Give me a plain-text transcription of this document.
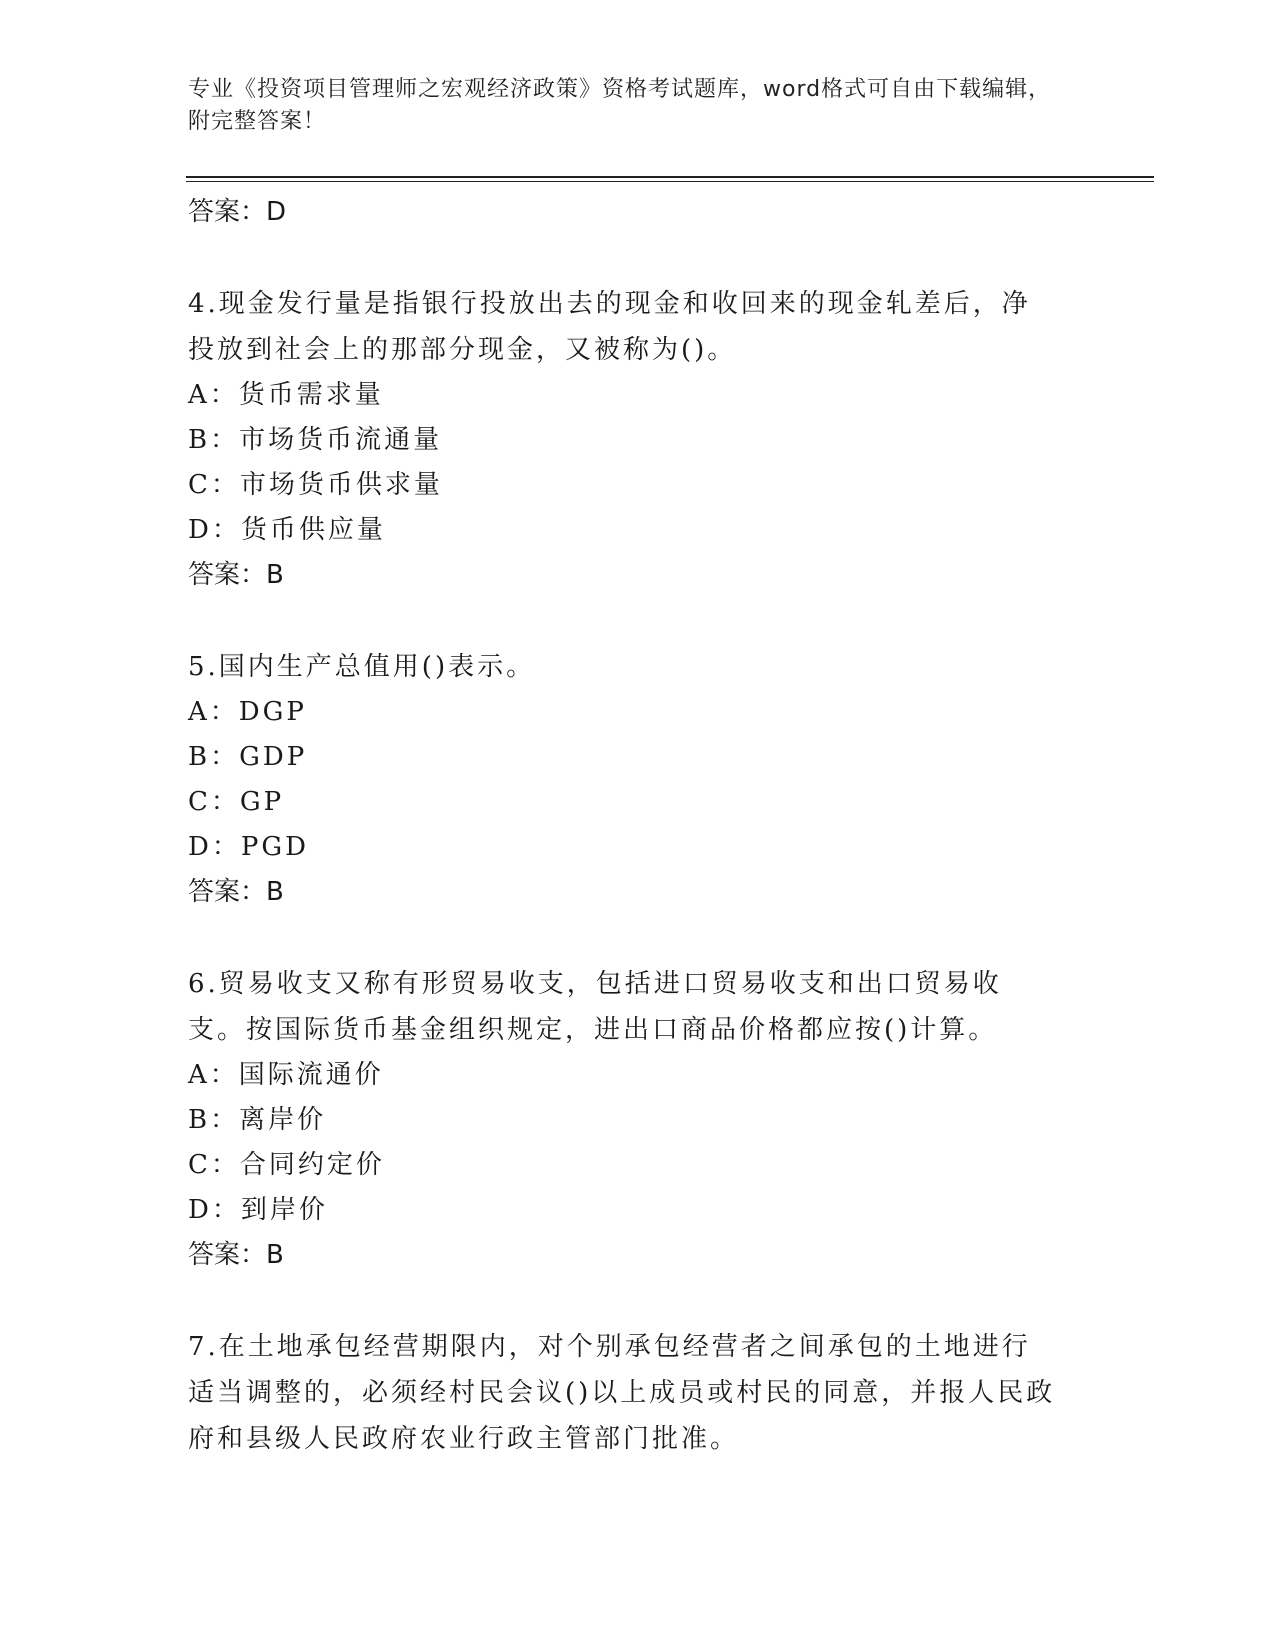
专业《投资项目管理师之宏观经济政策》资格考试题库，word格式可自由下载编辑，附完整答案！
答案：D
4.现金发行量是指银行投放出去的现金和收回来的现金轧差后，净投放到社会上的那部分现金，又被称为()。
A：货币需求量
B：市场货币流通量
C：市场货币供求量
D：货币供应量
答案：B
5.国内生产总值用()表示。
A：DGP
B：GDP
C：GP
D：PGD
答案：B
6.贸易收支又称有形贸易收支，包括进口贸易收支和出口贸易收支。按国际货币基金组织规定，进出口商品价格都应按()计算。
A：国际流通价
B：离岸价
C：合同约定价
D：到岸价
答案：B
7.在土地承包经营期限内，对个别承包经营者之间承包的土地进行适当调整的，必须经村民会议()以上成员或村民的同意，并报人民政府和县级人民政府农业行政主管部门批准。
